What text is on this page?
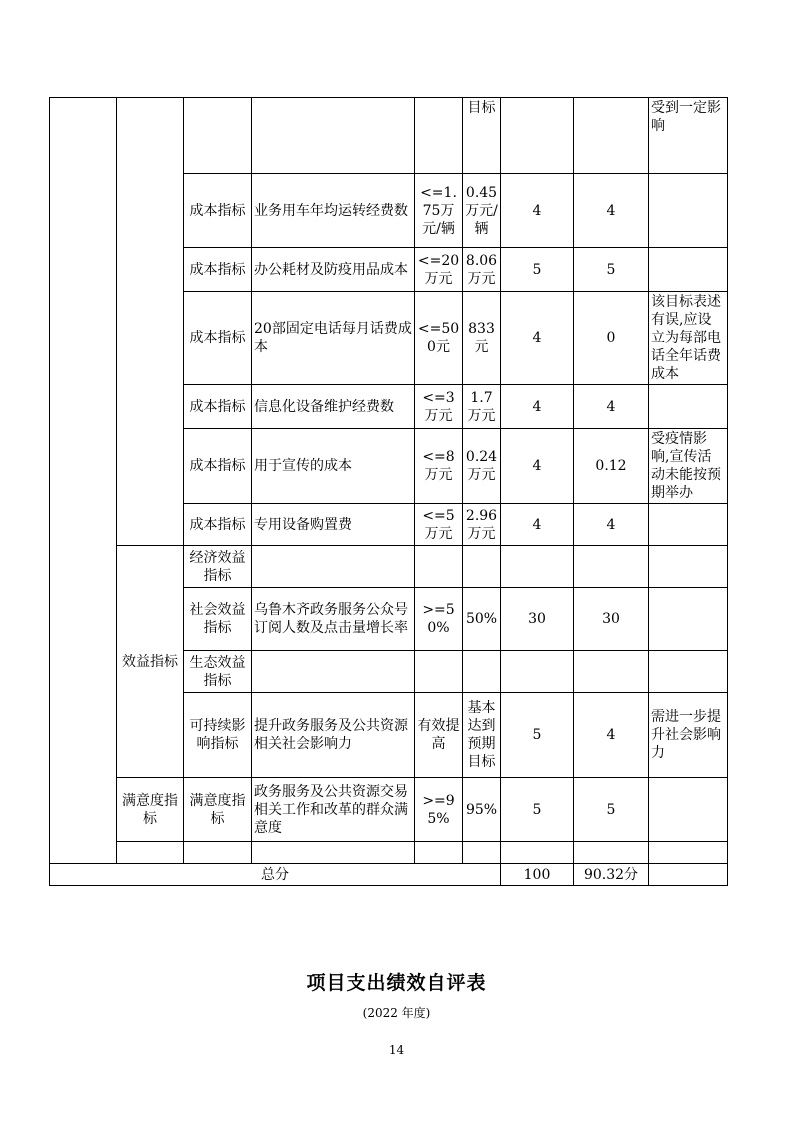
					目标			受到一定影响
		成本指标	业务用车年均运转经费数	<=1.75万元/辆	0.45万元/辆	4	4	
		成本指标	办公耗材及防疫用品成本	<=20万元	8.06万元	5	5	
		成本指标	20部固定电话每月话费成本	<=500元	833元	4	0	该目标表述有误,应设立为每部电话全年话费成本
		成本指标	信息化设备维护经费数	<=3万元	1.7万元	4	4	
		成本指标	用于宣传的成本	<=8万元	0.24万元	4	0.12	受疫情影响,宣传活动未能按预期举办
		成本指标	专用设备购置费	<=5万元	2.96万元	4	4	
	效益指标	经济效益指标						
		社会效益指标	乌鲁木齐政务服务公众号订阅人数及点击量增长率	>=50%	50%	30	30	
		生态效益指标						
		可持续影响指标	提升政务服务及公共资源相关社会影响力	有效提高	基本达到预期目标	5	4	需进一步提升社会影响力
	满意度指标	满意度指标	政务服务及公共资源交易相关工作和改革的群众满意度	>=95%	95%	5	5	

总分						100	90.32分	
项目支出绩效自评表
(2022 年度)
14
